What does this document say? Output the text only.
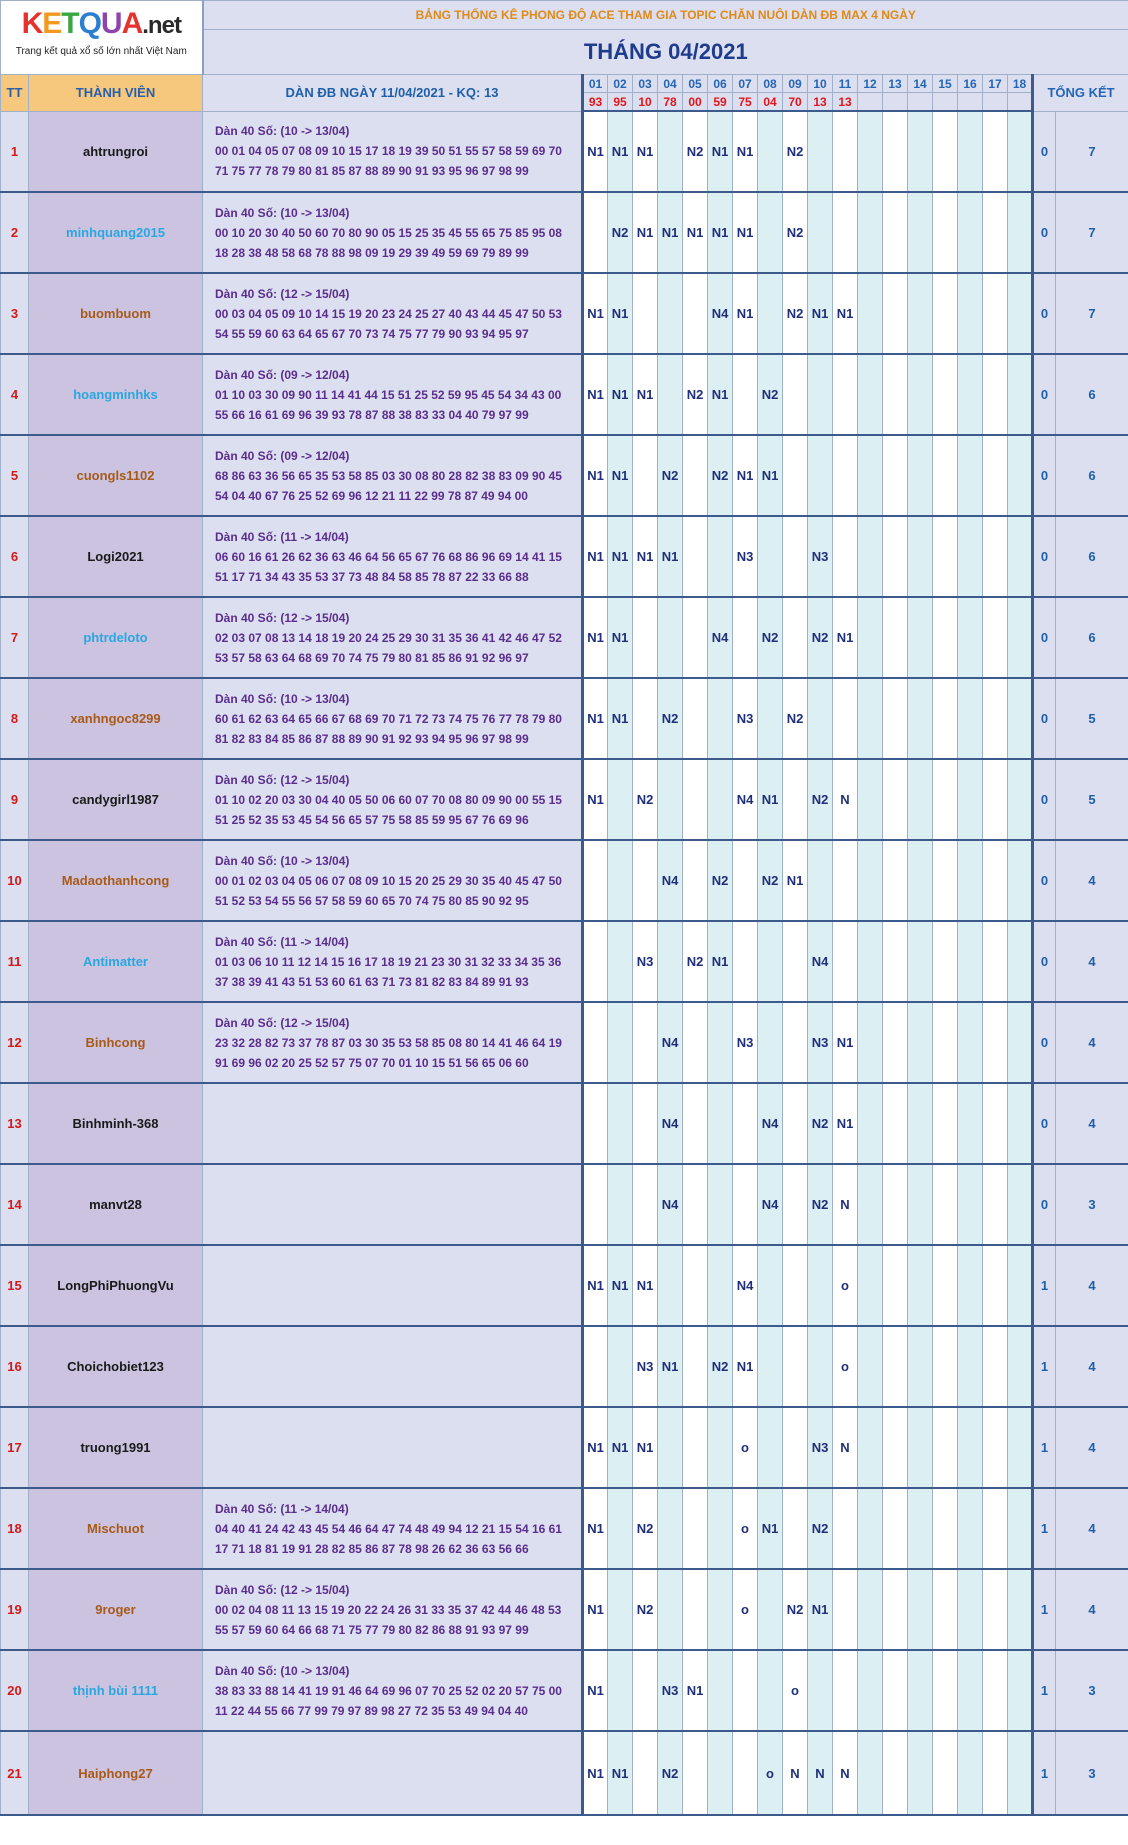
KETQUA.net
Trang kết quả xổ số lớn nhất Việt Nam		BẢNG THỐNG KÊ PHONG ĐỘ ACE THAM GIA TOPIC CHĂN NUÔI DÀN ĐB MAX 4 NGÀY																				
		THÁNG 04/2021																				
TT	THÀNH VIÊN	DÀN ĐB NGÀY 11/04/2021 - KQ: 13	01	02	03	04	05	06	07	08	09	10	11	12	13	14	15	16	17	18	TỔNG KẾT	
			93	95	10	78	00	59	75	04	70	13	13									
1	ahtrungroi	Dàn 40 Số: (10 -> 13/04)
00 01 04 05 07 08 09 10 15 17 18 19 39 50 51 55 57 58 59 69 70
71 75 77 78 79 80 81 85 87 88 89 90 91 93 95 96 97 98 99	N1	N1	N1		N2	N1	N1		N2										0	7
2	minhquang2015	Dàn 40 Số: (10 -> 13/04)
00 10 20 30 40 50 60 70 80 90 05 15 25 35 45 55 65 75 85 95 08
18 28 38 48 58 68 78 88 98 09 19 29 39 49 59 69 79 89 99		N2	N1	N1	N1	N1	N1		N2										0	7
3	buombuom	Dàn 40 Số: (12 -> 15/04)
00 03 04 05 09 10 14 15 19 20 23 24 25 27 40 43 44 45 47 50 53
54 55 59 60 63 64 65 67 70 73 74 75 77 79 90 93 94 95 97	N1	N1				N4	N1		N2	N1	N1								0	7
4	hoangminhks	Dàn 40 Số: (09 -> 12/04)
01 10 03 30 09 90 11 14 41 44 15 51 25 52 59 95 45 54 34 43 00
55 66 16 61 69 96 39 93 78 87 88 38 83 33 04 40 79 97 99	N1	N1	N1		N2	N1		N2											0	6
5	cuongls1102	Dàn 40 Số: (09 -> 12/04)
68 86 63 36 56 65 35 53 58 85 03 30 08 80 28 82 38 83 09 90 45
54 04 40 67 76 25 52 69 96 12 21 11 22 99 78 87 49 94 00	N1	N1		N2		N2	N1	N1											0	6
6	Logi2021	Dàn 40 Số: (11 -> 14/04)
06 60 16 61 26 62 36 63 46 64 56 65 67 76 68 86 96 69 14 41 15
51 17 71 34 43 35 53 37 73 48 84 58 85 78 87 22 33 66 88	N1	N1	N1	N1			N3			N3									0	6
7	phtrdeloto	Dàn 40 Số: (12 -> 15/04)
02 03 07 08 13 14 18 19 20 24 25 29 30 31 35 36 41 42 46 47 52
53 57 58 63 64 68 69 70 74 75 79 80 81 85 86 91 92 96 97	N1	N1				N4		N2		N2	N1								0	6
8	xanhngoc8299	Dàn 40 Số: (10 -> 13/04)
60 61 62 63 64 65 66 67 68 69 70 71 72 73 74 75 76 77 78 79 80
81 82 83 84 85 86 87 88 89 90 91 92 93 94 95 96 97 98 99	N1	N1		N2			N3		N2										0	5
9	candygirl1987	Dàn 40 Số: (12 -> 15/04)
01 10 02 20 03 30 04 40 05 50 06 60 07 70 08 80 09 90 00 55 15
51 25 52 35 53 45 54 56 65 57 75 58 85 59 95 67 76 69 96	N1		N2				N4	N1		N2	N								0	5
10	Madaothanhcong	Dàn 40 Số: (10 -> 13/04)
00 01 02 03 04 05 06 07 08 09 10 15 20 25 29 30 35 40 45 47 50
51 52 53 54 55 56 57 58 59 60 65 70 74 75 80 85 90 92 95				N4		N2		N2	N1										0	4
11	Antimatter	Dàn 40 Số: (11 -> 14/04)
01 03 06 10 11 12 14 15 16 17 18 19 21 23 30 31 32 33 34 35 36
37 38 39 41 43 51 53 60 61 63 71 73 81 82 83 84 89 91 93			N3		N2	N1				N4									0	4
12	Binhcong	Dàn 40 Số: (12 -> 15/04)
23 32 28 82 73 37 78 87 03 30 35 53 58 85 08 80 14 41 46 64 19
91 69 96 02 20 25 52 57 75 07 70 01 10 15 51 56 65 06 60				N4			N3			N3	N1								0	4
13	Binhminh-368					N4				N4		N2	N1								0	4
14	manvt28					N4				N4		N2	N								0	3
15	LongPhiPhuongVu		N1	N1	N1				N4				o								1	4
16	Choichobiet123				N3	N1		N2	N1				o								1	4
17	truong1991		N1	N1	N1				o			N3	N								1	4
18	Mischuot	Dàn 40 Số: (11 -> 14/04)
04 40 41 24 42 43 45 54 46 64 47 74 48 49 94 12 21 15 54 16 61
17 71 18 81 19 91 28 82 85 86 87 78 98 26 62 36 63 56 66	N1		N2				o	N1		N2									1	4
19	9roger	Dàn 40 Số: (12 -> 15/04)
00 02 04 08 11 13 15 19 20 22 24 26 31 33 35 37 42 44 46 48 53
55 57 59 60 64 66 68 71 75 77 79 80 82 86 88 91 93 97 99	N1		N2				o		N2	N1									1	4
20	thịnh bùi 1111	Dàn 40 Số: (10 -> 13/04)
38 83 33 88 14 41 19 91 46 64 69 96 07 70 25 52 02 20 57 75 00
11 22 44 55 66 77 99 79 97 89 98 27 72 35 53 49 94 04 40	N1			N3	N1				o										1	3
21	Haiphong27		N1	N1		N2				o	N	N	N								1	3
